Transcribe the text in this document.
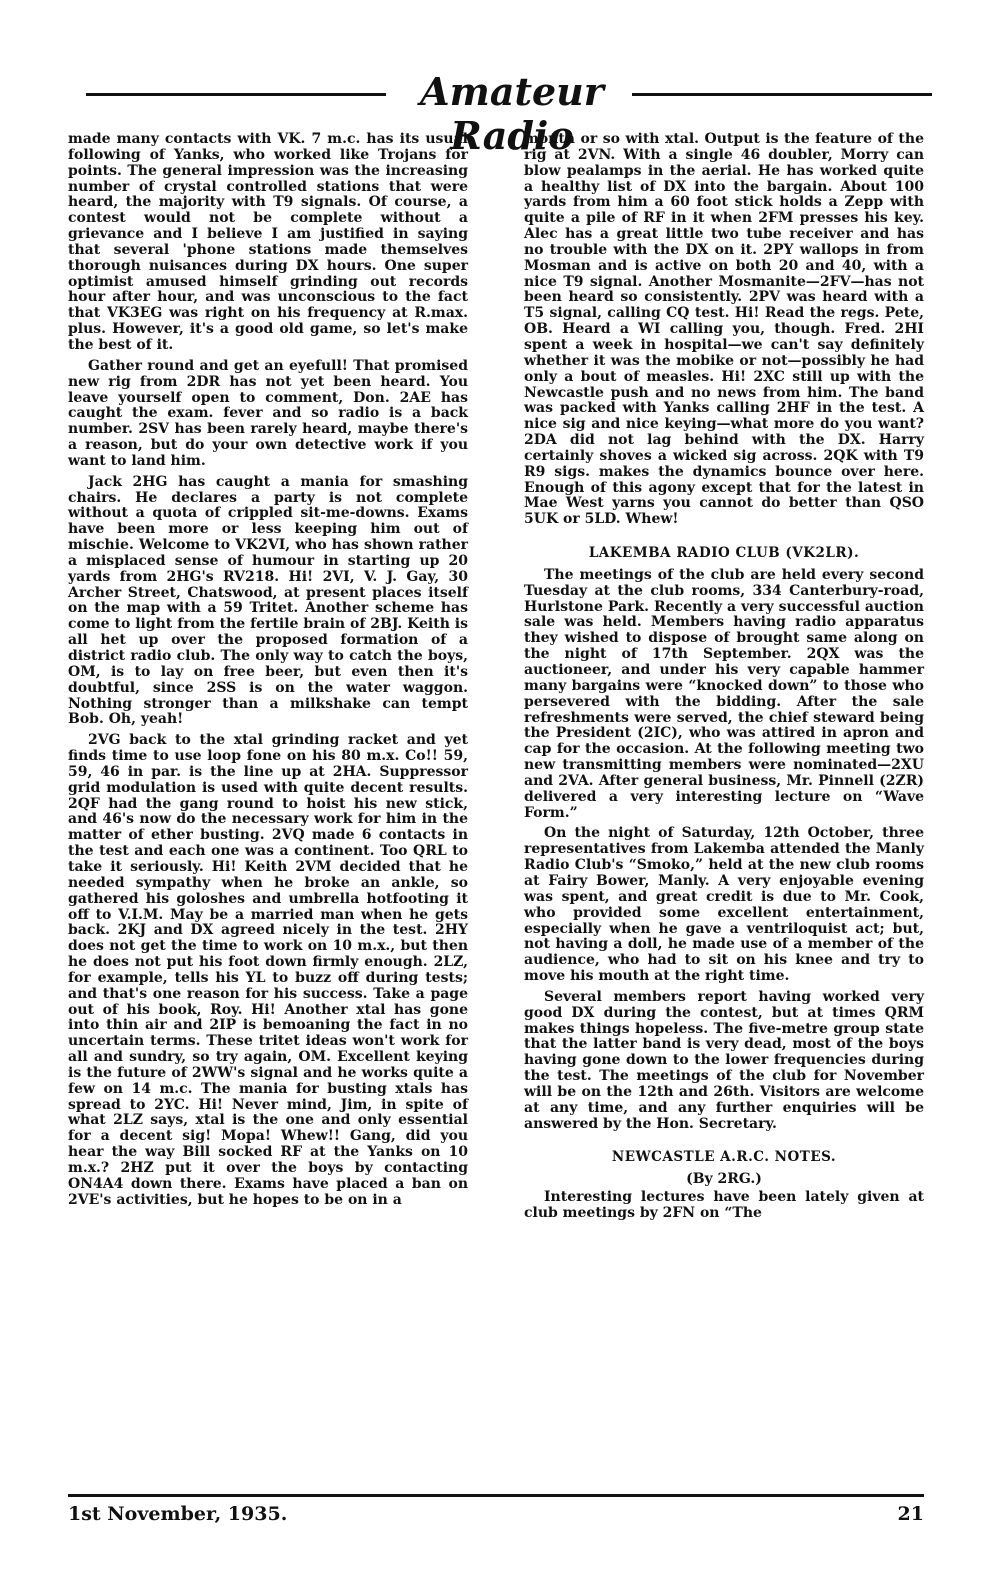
Amateur Radio

made many contacts with VK. 7 m.c. has its usual following of Yanks, who worked like Trojans for points. The general impression was the increasing number of crystal controlled stations that were heard, the majority with T9 signals. Of course, a contest would not be complete without a grievance and I believe I am justified in saying that several 'phone stations made themselves thorough nuisances during DX hours. One super optimist amused himself grinding out records hour after hour, and was unconscious to the fact that VK3EG was right on his frequency at R.max. plus. However, it's a good old game, so let's make the best of it.

Gather round and get an eyefull! That promised new rig from 2DR has not yet been heard. You leave yourself open to comment, Don. 2AE has caught the exam. fever and so radio is a back number. 2SV has been rarely heard, maybe there's a reason, but do your own detective work if you want to land him.

Jack 2HG has caught a mania for smashing chairs. He declares a party is not complete without a quota of crippled sit-me-downs. Exams have been more or less keeping him out of mischie. Welcome to VK2VI, who has shown rather a misplaced sense of humour in starting up 20 yards from 2HG's RV218. Hi! 2VI, V. J. Gay, 30 Archer Street, Chatswood, at present places itself on the map with a 59 Tritet. Another scheme has come to light from the fertile brain of 2BJ. Keith is all het up over the proposed formation of a district radio club. The only way to catch the boys, OM, is to lay on free beer, but even then it's doubtful, since 2SS is on the water waggon. Nothing stronger than a milkshake can tempt Bob. Oh, yeah!

2VG back to the xtal grinding racket and yet finds time to use loop fone on his 80 m.x. Co!! 59, 59, 46 in par. is the line up at 2HA. Suppressor grid modulation is used with quite decent results. 2QF had the gang round to hoist his new stick, and 46's now do the necessary work for him in the matter of ether busting. 2VQ made 6 contacts in the test and each one was a continent. Too QRL to take it seriously. Hi! Keith 2VM decided that he needed sympathy when he broke an ankle, so gathered his goloshes and umbrella hotfooting it off to V.I.M. May be a married man when he gets back. 2KJ and DX agreed nicely in the test. 2HY does not get the time to work on 10 m.x., but then he does not put his foot down firmly enough. 2LZ, for example, tells his YL to buzz off during tests; and that's one reason for his success. Take a page out of his book, Roy. Hi! Another xtal has gone into thin air and 2IP is bemoaning the fact in no uncertain terms. These tritet ideas won't work for all and sundry, so try again, OM. Excellent keying is the future of 2WW's signal and he works quite a few on 14 m.c. The mania for busting xtals has spread to 2YC. Hi! Never mind, Jim, in spite of what 2LZ says, xtal is the one and only essential for a decent sig! Mopa! Whew!! Gang, did you hear the way Bill socked RF at the Yanks on 10 m.x.? 2HZ put it over the boys by contacting ON4A4 down there. Exams have placed a ban on 2VE's activities, but he hopes to be on in a

month or so with xtal. Output is the feature of the rig at 2VN. With a single 46 doubler, Morry can blow pealamps in the aerial. He has worked quite a healthy list of DX into the bargain. About 100 yards from him a 60 foot stick holds a Zepp with quite a pile of RF in it when 2FM presses his key. Alec has a great little two tube receiver and has no trouble with the DX on it. 2PY wallops in from Mosman and is active on both 20 and 40, with a nice T9 signal. Another Mosmanite—2FV—has not been heard so consistently. 2PV was heard with a T5 signal, calling CQ test. Hi! Read the regs. Pete, OB. Heard a WI calling you, though. Fred. 2HI spent a week in hospital—we can't say definitely whether it was the mobike or not—possibly he had only a bout of measles. Hi! 2XC still up with the Newcastle push and no news from him. The band was packed with Yanks calling 2HF in the test. A nice sig and nice keying—what more do you want? 2DA did not lag behind with the DX. Harry certainly shoves a wicked sig across. 2QK with T9 R9 sigs. makes the dynamics bounce over here. Enough of this agony except that for the latest in Mae West yarns you cannot do better than QSO 5UK or 5LD. Whew!

LAKEMBA RADIO CLUB (VK2LR).

The meetings of the club are held every second Tuesday at the club rooms, 334 Canterbury-road, Hurlstone Park. Recently a very successful auction sale was held. Members having radio apparatus they wished to dispose of brought same along on the night of 17th September. 2QX was the auctioneer, and under his very capable hammer many bargains were “knocked down” to those who persevered with the bidding. After the sale refreshments were served, the chief steward being the President (2IC), who was attired in apron and cap for the occasion. At the following meeting two new transmitting members were nominated—2XU and 2VA. After general business, Mr. Pinnell (2ZR) delivered a very interesting lecture on “Wave Form.”

On the night of Saturday, 12th October, three representatives from Lakemba attended the Manly Radio Club's “Smoko,” held at the new club rooms at Fairy Bower, Manly. A very enjoyable evening was spent, and great credit is due to Mr. Cook, who provided some excellent entertainment, especially when he gave a ventriloquist act; but, not having a doll, he made use of a member of the audience, who had to sit on his knee and try to move his mouth at the right time.

Several members report having worked very good DX during the contest, but at times QRM makes things hopeless. The five-metre group state that the latter band is very dead, most of the boys having gone down to the lower frequencies during the test. The meetings of the club for November will be on the 12th and 26th. Visitors are welcome at any time, and any further enquiries will be answered by the Hon. Secretary.

NEWCASTLE A.R.C. NOTES.
(By 2RG.)

Interesting lectures have been lately given at club meetings by 2FN on “The

1st November, 1935.	21
